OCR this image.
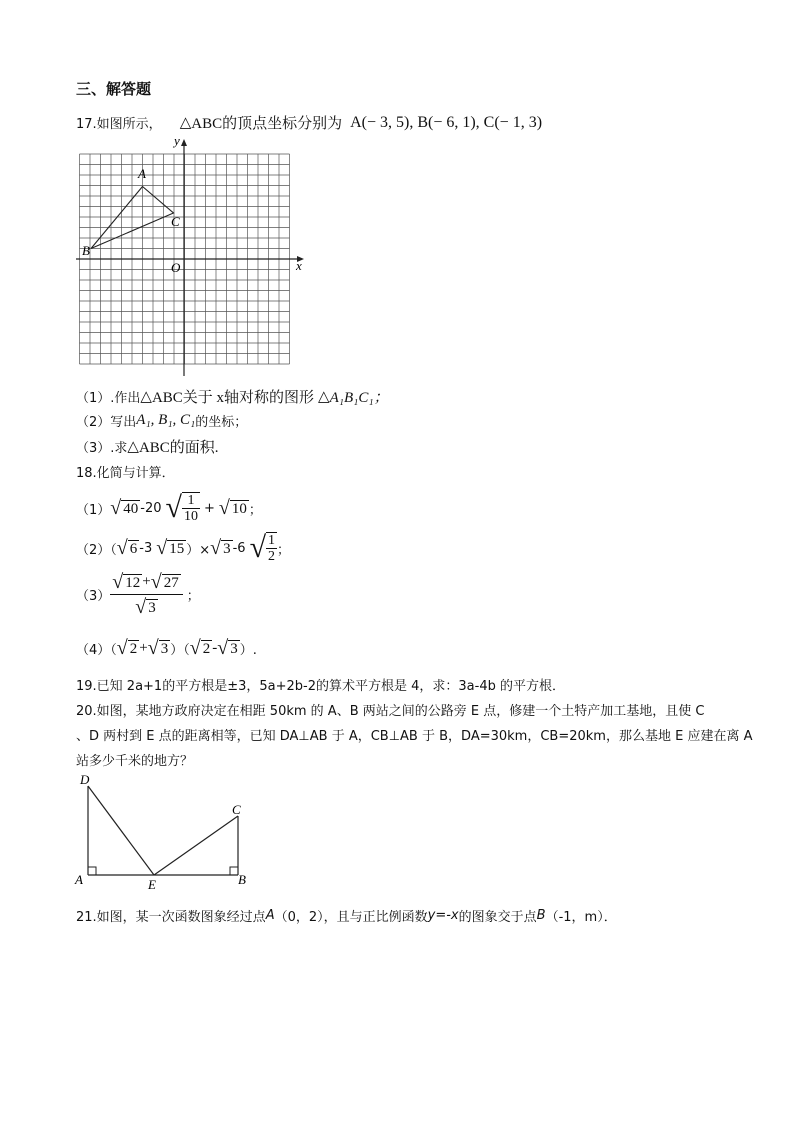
三、解答题
17.如图所示， △ ABC的顶点坐标分别为 A(− 3, 5), B(− 6, 1), C(− 1, 3)
y
x
O
A
B
C
（1）.作出 △ ABC关于 x轴对称的图形 △ A₁B₁C₁；
（2）写出 A₁, B₁, C₁ 的坐标；
（3）.求 △ ABC的面积.
18.化简与计算．
（1） √ 40 -20 √ $\frac{1}{10}$ + √ 10 ；
（2）（ √ 6 -3 √ 15 ）× √ 3 -6 √ $\frac{1}{2}$ ；
$(3) \frac{√ 12 +√ 27}{√ 3}$ ；
（4）（ √ 2 + √ 3 ）（ √ 2 - √ 3 ）.
19.已知 2a+1的平方根是±3，5a+2b-2的算术平方根是 4，求：3a-4b 的平方根．
20.如图，某地方政府决定在相距 50km 的 A、B 两站之间的公路旁 E 点，修建一个土特产加工基地，且使 C
、D 两村到 E 点的距离相等，已知 DA⊥AB 于 A，CB⊥AB 于 B，DA=30km，CB=20km，那么基地 E 应建在离 A
站多少千米的地方？
D
C
A	E	B
21.如图，某一次函数图象经过点 A （0，2），且与正比例函数 y=-x 的图象交于点 B （-1，m）．
